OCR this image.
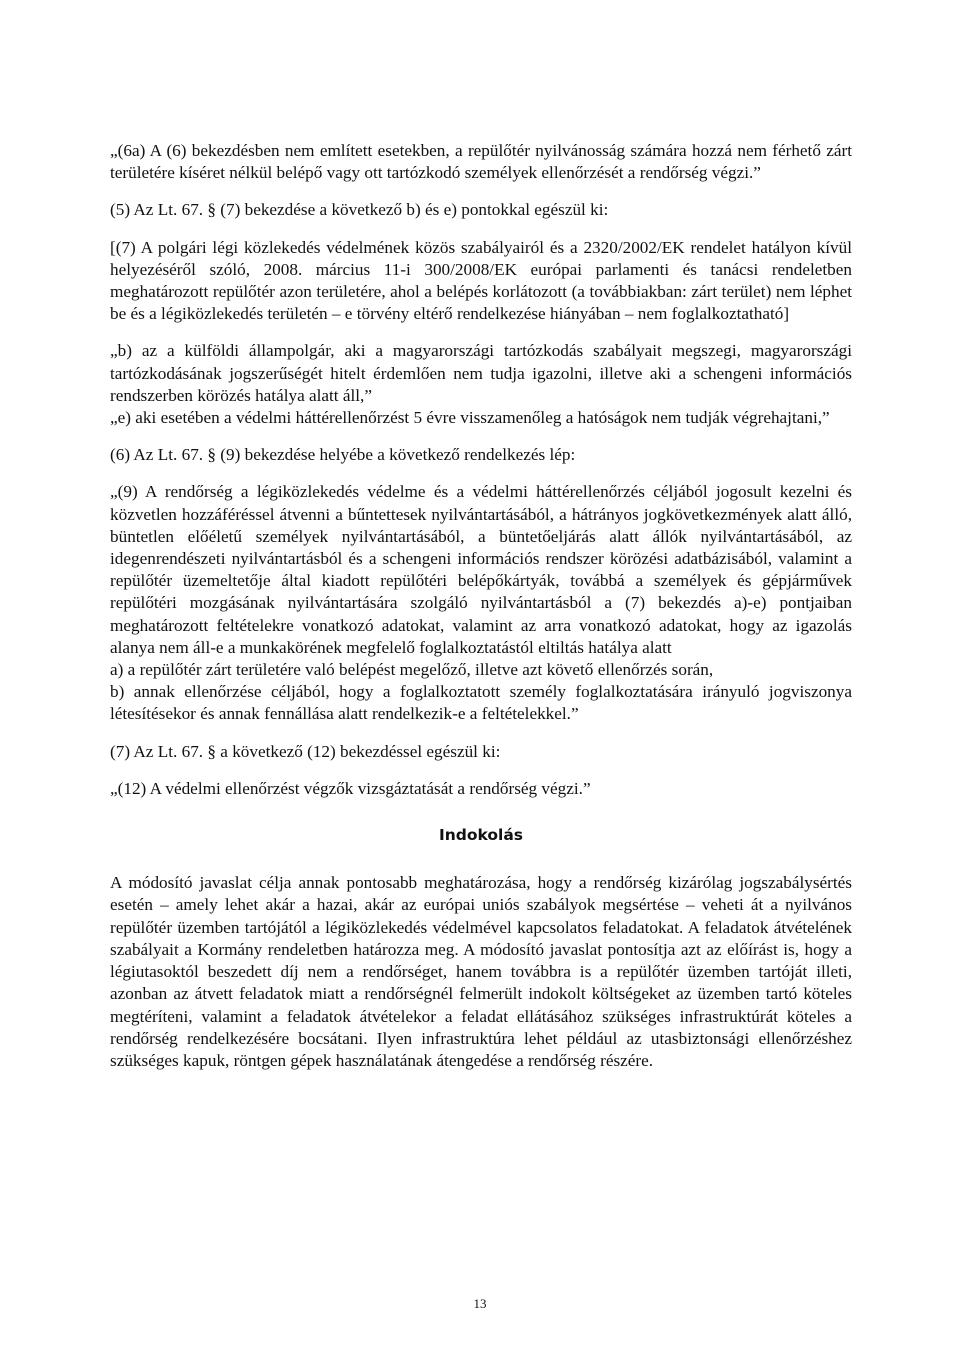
„(6a) A (6) bekezdésben nem említett esetekben, a repülőtér nyilvánosság számára hozzá nem férhető zárt területére kíséret nélkül belépő vagy ott tartózkodó személyek ellenőrzését a rendőrség végzi.”

(5) Az Lt. 67. § (7) bekezdése a következő b) és e) pontokkal egészül ki:

[(7) A polgári légi közlekedés védelmének közös szabályairól és a 2320/2002/EK rendelet hatályon kívül helyezéséről szóló, 2008. március 11-i 300/2008/EK európai parlamenti és tanácsi rendeletben meghatározott repülőtér azon területére, ahol a belépés korlátozott (a továbbiakban: zárt terület) nem léphet be és a légiközlekedés területén – e törvény eltérő rendelkezése hiányában – nem foglalkoztatható]

„b) az a külföldi állampolgár, aki a magyarországi tartózkodás szabályait megszegi, magyarországi tartózkodásának jogszerűségét hitelt érdemlően nem tudja igazolni, illetve aki a schengeni információs rendszerben körözés hatálya alatt áll,”

„e) aki esetében a védelmi háttérellenőrzést 5 évre visszamenőleg a hatóságok nem tudják végrehajtani,”

(6) Az Lt. 67. § (9) bekezdése helyébe a következő rendelkezés lép:

„(9) A rendőrség a légiközlekedés védelme és a védelmi háttérellenőrzés céljából jogosult kezelni és közvetlen hozzáféréssel átvenni a bűntettesek nyilvántartásából, a hátrányos jogkövetkezmények alatt álló, büntetlen előéletű személyek nyilvántartásából, a büntetőeljárás alatt állók nyilvántartásából, az idegenrendészeti nyilvántartásból és a schengeni információs rendszer körözési adatbázisából, valamint a repülőtér üzemeltetője által kiadott repülőtéri belépőkártyák, továbbá a személyek és gépjárművek repülőtéri mozgásának nyilvántartására szolgáló nyilvántartásból a (7) bekezdés a)-e) pontjaiban meghatározott feltételekre vonatkozó adatokat, valamint az arra vonatkozó adatokat, hogy az igazolás alanya nem áll-e a munkakörének megfelelő foglalkoztatástól eltiltás hatálya alatt

a) a repülőtér zárt területére való belépést megelőző, illetve azt követő ellenőrzés során,

b) annak ellenőrzése céljából, hogy a foglalkoztatott személy foglalkoztatására irányuló jogviszonya létesítésekor és annak fennállása alatt rendelkezik-e a feltételekkel.”

(7) Az Lt. 67. § a következő (12) bekezdéssel egészül ki:

„(12) A védelmi ellenőrzést végzők vizsgáztatását a rendőrség végzi.”

Indokolás

A módosító javaslat célja annak pontosabb meghatározása, hogy a rendőrség kizárólag jogszabálysértés esetén – amely lehet akár a hazai, akár az európai uniós szabályok megsértése – veheti át a nyilvános repülőtér üzemben tartójától a légiközlekedés védelmével kapcsolatos feladatokat. A feladatok átvételének szabályait a Kormány rendeletben határozza meg. A módosító javaslat pontosítja azt az előírást is, hogy a légiutasoktól beszedett díj nem a rendőrséget, hanem továbbra is a repülőtér üzemben tartóját illeti, azonban az átvett feladatok miatt a rendőrségnél felmerült indokolt költségeket az üzemben tartó köteles megtéríteni, valamint a feladatok átvételekor a feladat ellátásához szükséges infrastruktúrát köteles a rendőrség rendelkezésére bocsátani. Ilyen infrastruktúra lehet például az utasbiztonsági ellenőrzéshez szükséges kapuk, röntgen gépek használatának átengedése a rendőrség részére.

13
